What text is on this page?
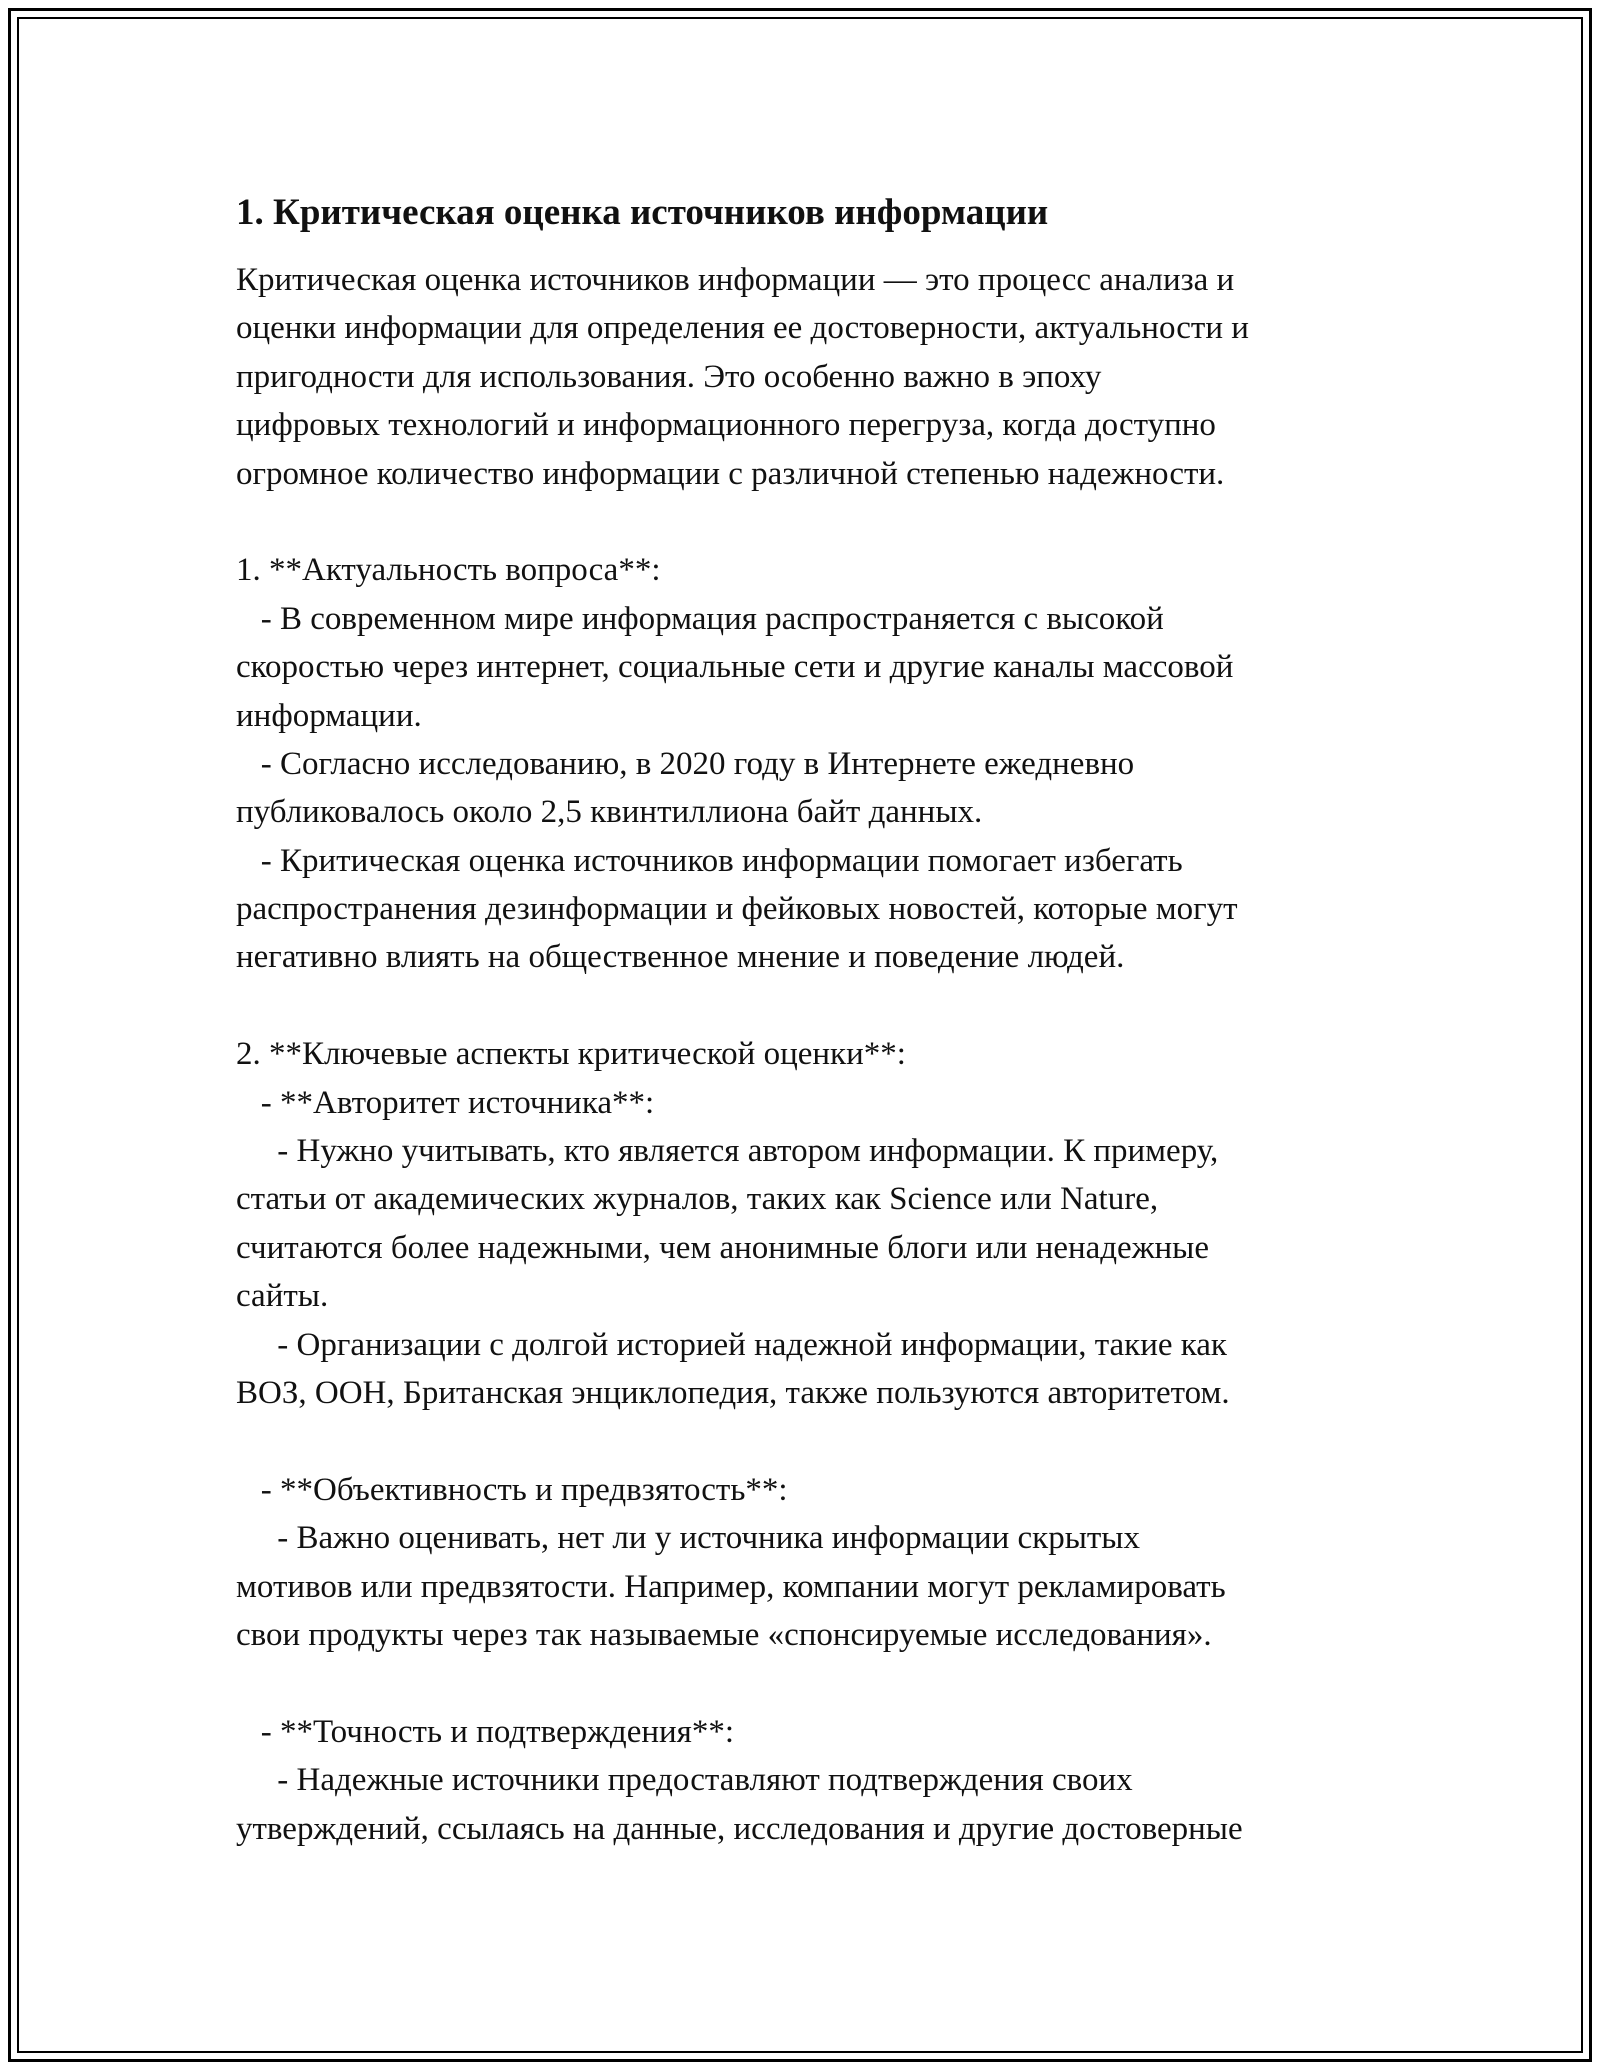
1. Критическая оценка источников информации
Критическая оценка источников информации — это процесс анализа и
оценки информации для определения ее достоверности, актуальности и
пригодности для использования. Это особенно важно в эпоху
цифровых технологий и информационного перегруза, когда доступно
огромное количество информации с различной степенью надежности.
1. **Актуальность вопроса**:
- В современном мире информация распространяется с высокой
скоростью через интернет, социальные сети и другие каналы массовой
информации.
- Согласно исследованию, в 2020 году в Интернете ежедневно
публиковалось около 2,5 квинтиллиона байт данных.
- Критическая оценка источников информации помогает избегать
распространения дезинформации и фейковых новостей, которые могут
негативно влиять на общественное мнение и поведение людей.
2. **Ключевые аспекты критической оценки**:
- **Авторитет источника**:
- Нужно учитывать, кто является автором информации. К примеру,
статьи от академических журналов, таких как Science или Nature,
считаются более надежными, чем анонимные блоги или ненадежные
сайты.
- Организации с долгой историей надежной информации, такие как
ВОЗ, ООН, Британская энциклопедия, также пользуются авторитетом.
- **Объективность и предвзятость**:
- Важно оценивать, нет ли у источника информации скрытых
мотивов или предвзятости. Например, компании могут рекламировать
свои продукты через так называемые «спонсируемые исследования».
- **Точность и подтверждения**:
- Надежные источники предоставляют подтверждения своих
утверждений, ссылаясь на данные, исследования и другие достоверные
